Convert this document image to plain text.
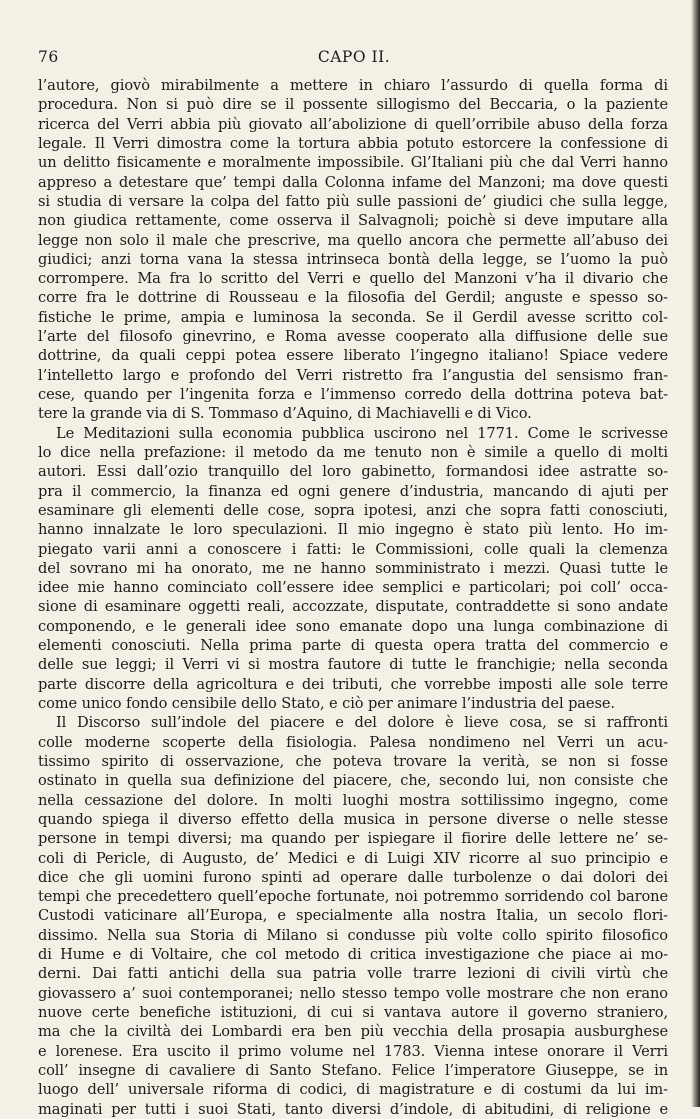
76	CAPO II.
l’autore, giovò mirabilmente a mettere in chiaro l’assurdo di quella forma di
procedura. Non si può dire se il possente sillogismo del Beccaria, o la paziente
ricerca del Verri abbia più giovato all’abolizione di quell’orribile abuso della forza
legale. Il Verri dimostra come la tortura abbia potuto estorcere la confessione di
un delitto fisicamente e moralmente impossibile. Gl’Italiani più che dal Verri hanno
appreso a detestare que’ tempi dalla Colonna infame del Manzoni; ma dove questi
si studia di versare la colpa del fatto più sulle passioni de’ giudici che sulla legge,
non giudica rettamente, come osserva il Salvagnoli; poichè si deve imputare alla
legge non solo il male che prescrive, ma quello ancora che permette all’abuso dei
giudici; anzi torna vana la stessa intrinseca bontà della legge, se l’uomo la può
corrompere. Ma fra lo scritto del Verri e quello del Manzoni v’ha il divario che
corre fra le dottrine di Rousseau e la filosofia del Gerdil; anguste e spesso so-
fistiche le prime, ampia e luminosa la seconda. Se il Gerdil avesse scritto col-
l’arte del filosofo ginevrino, e Roma avesse cooperato alla diffusione delle sue
dottrine, da quali ceppi potea essere liberato l’ingegno italiano! Spiace vedere
l’intelletto largo e profondo del Verri ristretto fra l’angustia del sensismo fran-
cese, quando per l’ingenita forza e l’immenso corredo della dottrina poteva bat-
tere la grande via di S. Tommaso d’Aquino, di Machiavelli e di Vico.
Le Meditazioni sulla economia pubblica uscirono nel 1771. Come le scrivesse
lo dice nella prefazione: il metodo da me tenuto non è simile a quello di molti
autori. Essi dall’ozio tranquillo del loro gabinetto, formandosi idee astratte so-
pra il commercio, la finanza ed ogni genere d’industria, mancando di ajuti per
esaminare gli elementi delle cose, sopra ipotesi, anzi che sopra fatti conosciuti,
hanno innalzate le loro speculazioni. Il mio ingegno è stato più lento. Ho im-
piegato varii anni a conoscere i fatti: le Commissioni, colle quali la clemenza
del sovrano mi ha onorato, me ne hanno somministrato i mezzi. Quasi tutte le
idee mie hanno cominciato coll’essere idee semplici e particolari; poi coll’ occa-
sione di esaminare oggetti reali, accozzate, disputate, contraddette si sono andate
componendo, e le generali idee sono emanate dopo una lunga combinazione di
elementi conosciuti. Nella prima parte di questa opera tratta del commercio e
delle sue leggi; il Verri vi si mostra fautore di tutte le franchigie; nella seconda
parte discorre della agricoltura e dei tributi, che vorrebbe imposti alle sole terre
come unico fondo censibile dello Stato, e ciò per animare l’industria del paese.
Il Discorso sull’indole del piacere e del dolore è lieve cosa, se si raffronti
colle moderne scoperte della fisiologia. Palesa nondimeno nel Verri un acu-
tissimo spirito di osservazione, che poteva trovare la verità, se non si fosse
ostinato in quella sua definizione del piacere, che, secondo lui, non consiste che
nella cessazione del dolore. In molti luoghi mostra sottilissimo ingegno, come
quando spiega il diverso effetto della musica in persone diverse o nelle stesse
persone in tempi diversi; ma quando per ispiegare il fiorire delle lettere ne’ se-
coli di Pericle, di Augusto, de’ Medici e di Luigi XIV ricorre al suo principio e
dice che gli uomini furono spinti ad operare dalle turbolenze o dai dolori dei
tempi che precedettero quell’epoche fortunate, noi potremmo sorridendo col barone
Custodi vaticinare all’Europa, e specialmente alla nostra Italia, un secolo flori-
dissimo. Nella sua Storia di Milano si condusse più volte collo spirito filosofico
di Hume e di Voltaire, che col metodo di critica investigazione che piace ai mo-
derni. Dai fatti antichi della sua patria volle trarre lezioni di civili virtù che
giovassero a’ suoi contemporanei; nello stesso tempo volle mostrare che non erano
nuove certe benefiche istituzioni, di cui si vantava autore il governo straniero,
ma che la civiltà dei Lombardi era ben più vecchia della prosapia ausburghese
e lorenese. Era uscito il primo volume nel 1783. Vienna intese onorare il Verri
coll’ insegne di cavaliere di Santo Stefano. Felice l’imperatore Giuseppe, se in
luogo dell’ universale riforma di codici, di magistrature e di costumi da lui im-
maginati per tutti i suoi Stati, tanto diversi d’indole, di abitudini, di religione e
